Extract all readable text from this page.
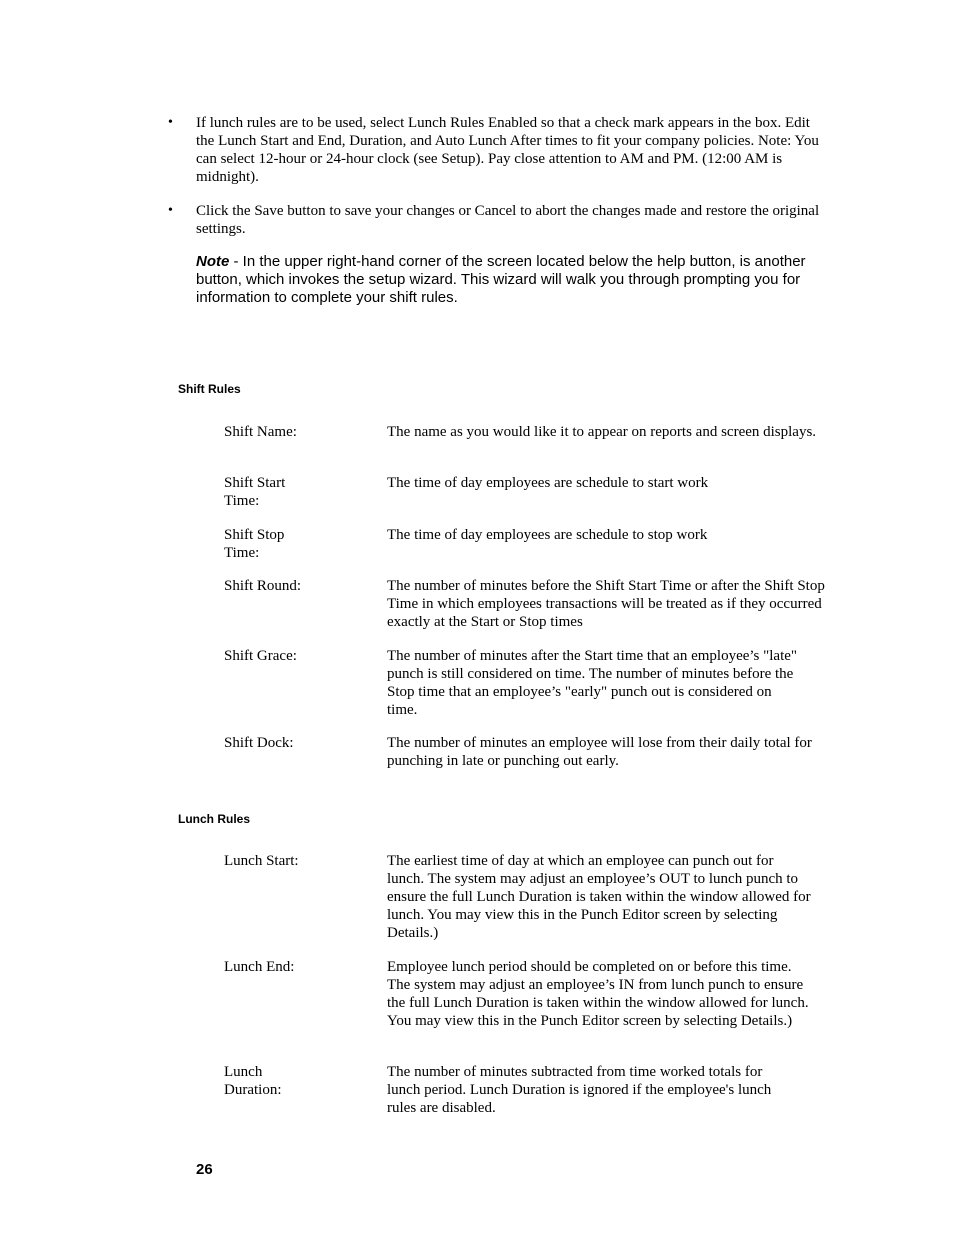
• If lunch rules are to be used, select Lunch Rules Enabled so that a check mark appears in the box. Edit the Lunch Start and End, Duration, and Auto Lunch After times to fit your company policies. Note: You can select 12-hour or 24-hour clock (see Setup). Pay close attention to AM and PM. (12:00 AM is midnight).
• Click the Save button to save your changes or Cancel to abort the changes made and restore the original settings.
Note - In the upper right-hand corner of the screen located below the help button, is another button, which invokes the setup wizard. This wizard will walk you through prompting you for information to complete your shift rules.
Shift Rules
Shift Name:	The name as you would like it to appear on reports and screen displays.
Shift Start Time:
The time of day employees are schedule to start work
Shift Stop Time:
The time of day employees are schedule to stop work
Shift Round:	The number of minutes before the Shift Start Time or after the Shift Stop Time in which employees transactions will be treated as if they occurred exactly at the Start or Stop times
Shift Grace:	The number of minutes after the Start time that an employee’s "late" punch is still considered on time. The number of minutes before the Stop time that an employee’s "early" punch out is considered on time.
Shift Dock:	The number of minutes an employee will lose from their daily total for punching in late or punching out early.
Lunch Rules
Lunch Start:	The earliest time of day at which an employee can punch out for lunch. The system may adjust an employee’s OUT to lunch punch to ensure the full Lunch Duration is taken within the window allowed for lunch. You may view this in the Punch Editor screen by selecting Details.)
Lunch End:	Employee lunch period should be completed on or before this time. The system may adjust an employee’s IN from lunch punch to ensure the full Lunch Duration is taken within the window allowed for lunch. You may view this in the Punch Editor screen by selecting Details.)
Lunch Duration:
The number of minutes subtracted from time worked totals for lunch period. Lunch Duration is ignored if the employee's lunch rules are disabled.
26
